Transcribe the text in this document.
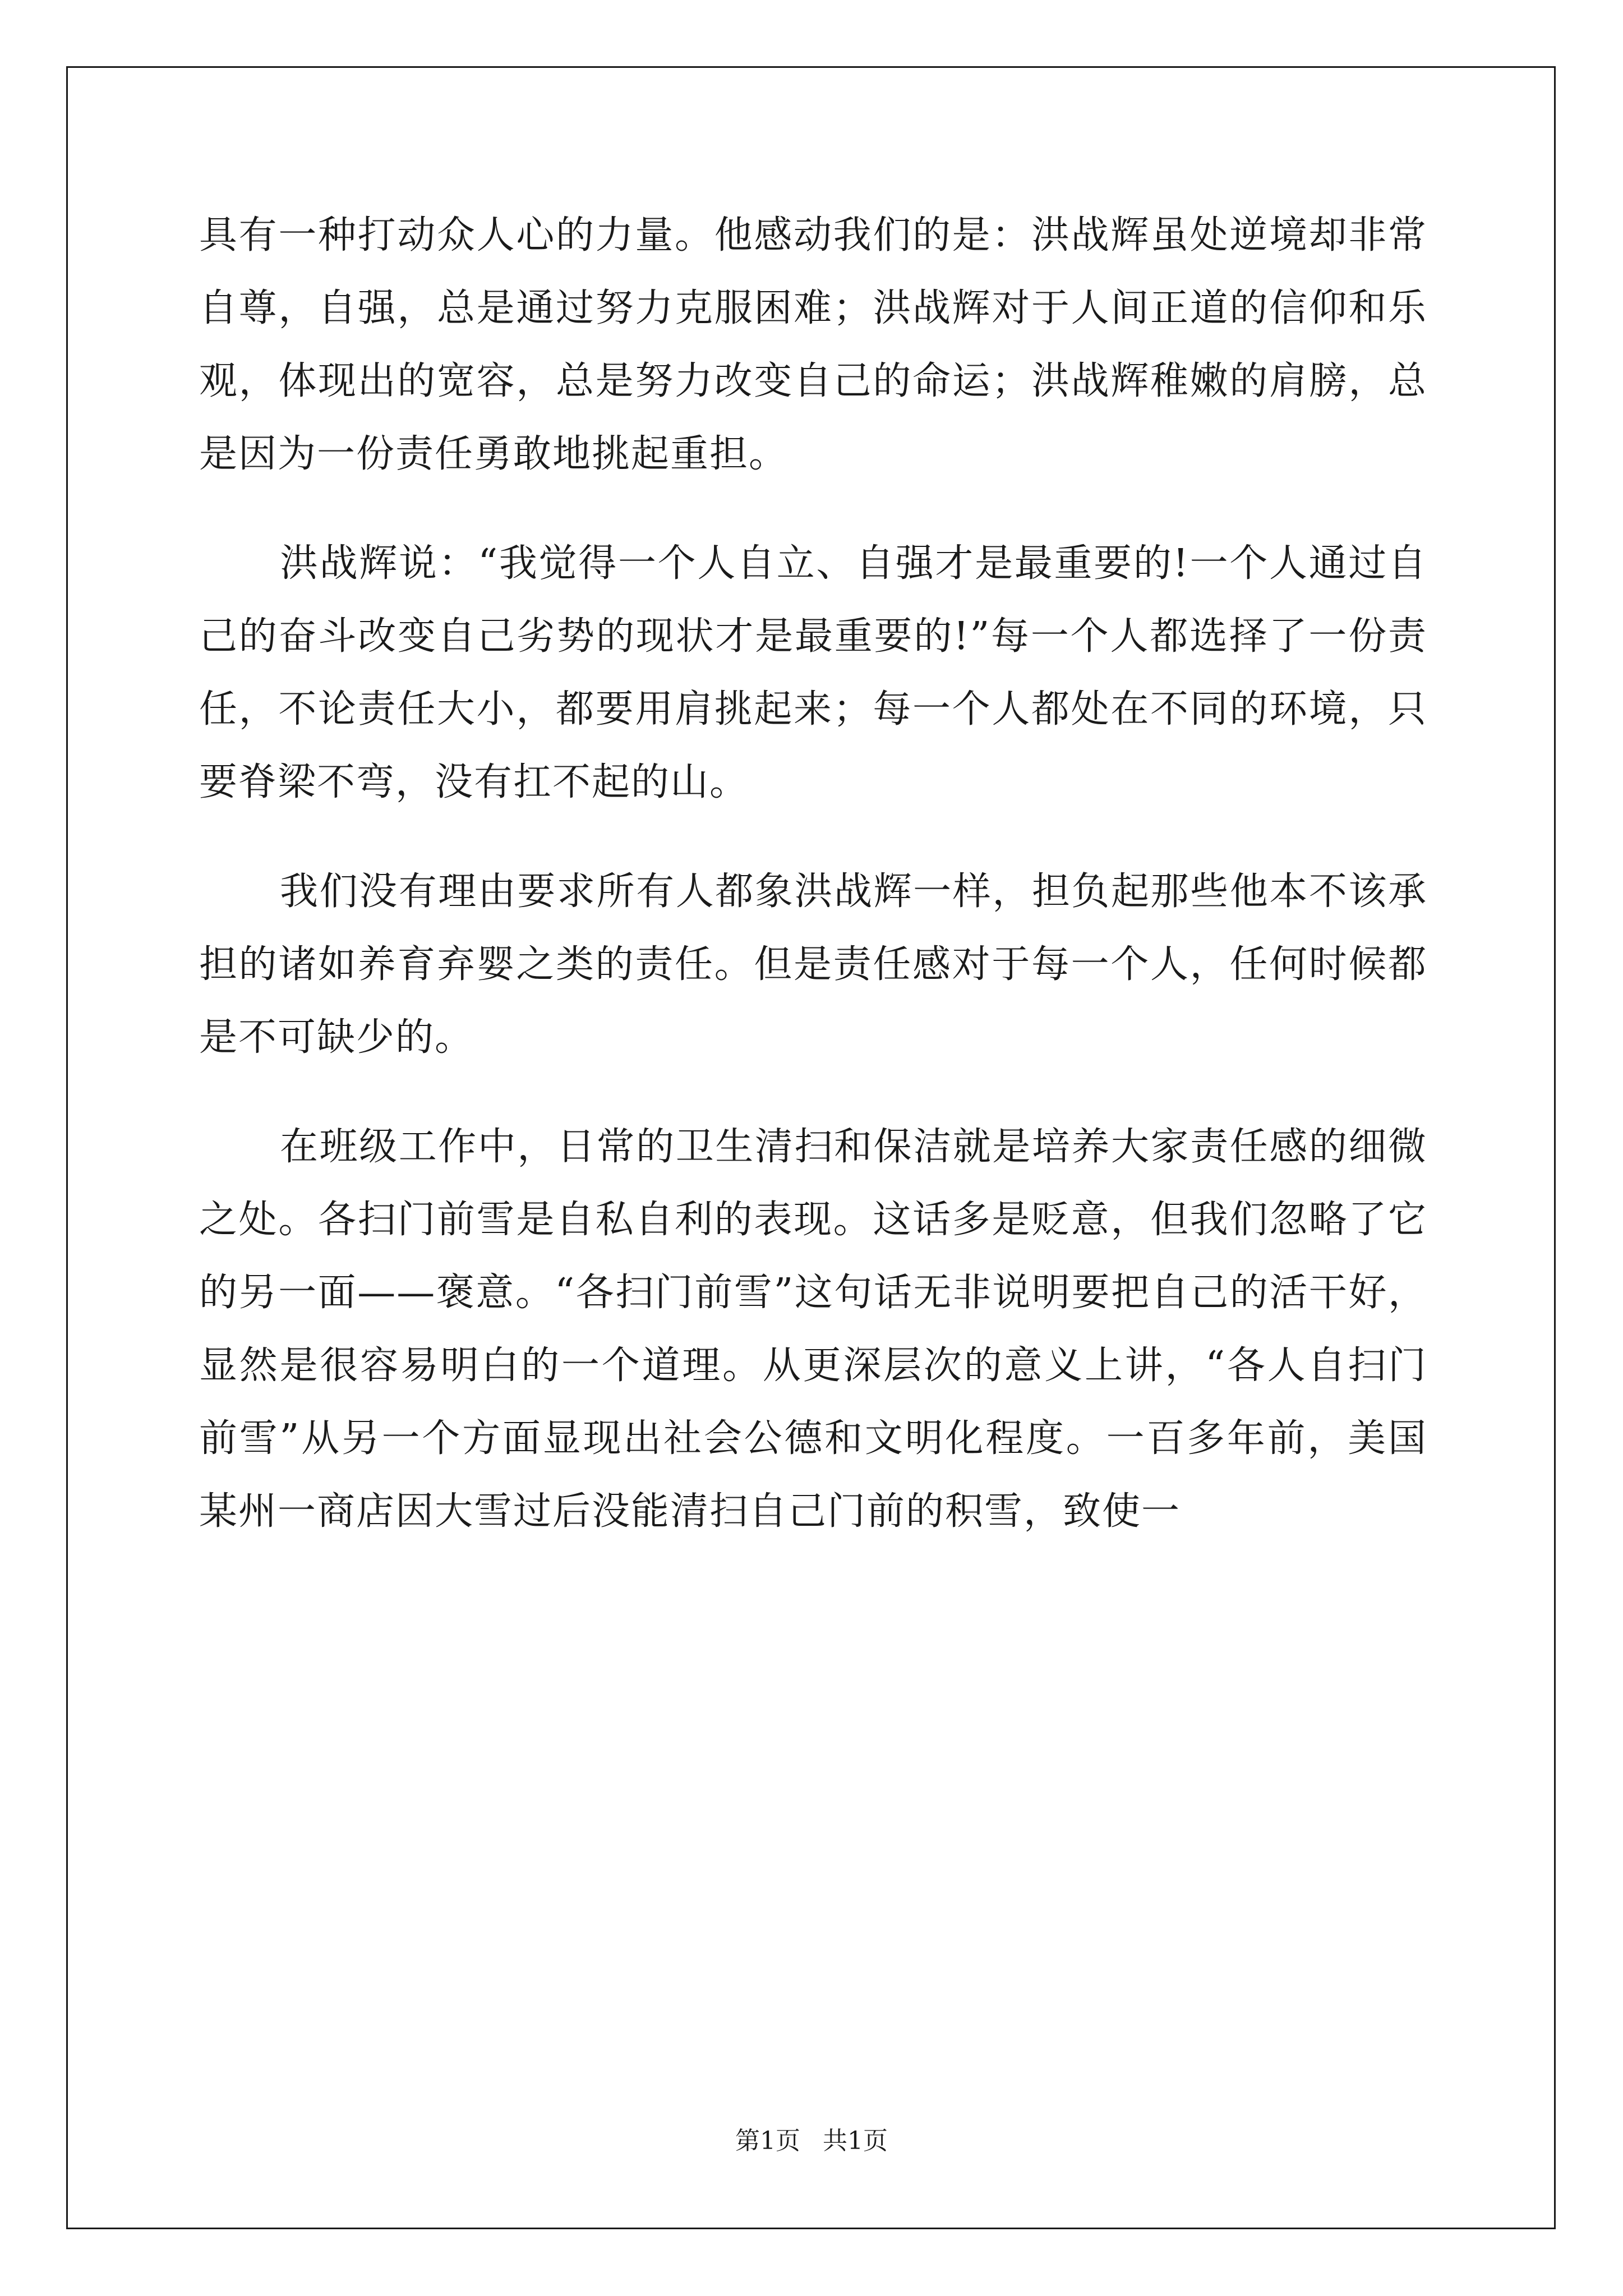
具有一种打动众人心的力量。他感动我们的是：洪战辉虽处逆境却非常自尊，自强，总是通过努力克服困难；洪战辉对于人间正道的信仰和乐观，体现出的宽容，总是努力改变自己的命运；洪战辉稚嫩的肩膀，总是因为一份责任勇敢地挑起重担。

洪战辉说：“我觉得一个人自立、自强才是最重要的!一个人通过自己的奋斗改变自己劣势的现状才是最重要的!”每一个人都选择了一份责任，不论责任大小，都要用肩挑起来；每一个人都处在不同的环境，只要脊梁不弯，没有扛不起的山。

我们没有理由要求所有人都象洪战辉一样，担负起那些他本不该承担的诸如养育弃婴之类的责任。但是责任感对于每一个人，任何时候都是不可缺少的。

在班级工作中，日常的卫生清扫和保洁就是培养大家责任感的细微之处。各扫门前雪是自私自利的表现。这话多是贬意，但我们忽略了它的另一面——褒意。“各扫门前雪”这句话无非说明要把自己的活干好，显然是很容易明白的一个道理。从更深层次的意义上讲，“各人自扫门前雪”从另一个方面显现出社会公德和文明化程度。一百多年前，美国某州一商店因大雪过后没能清扫自己门前的积雪，致使一

第1页 共1页
